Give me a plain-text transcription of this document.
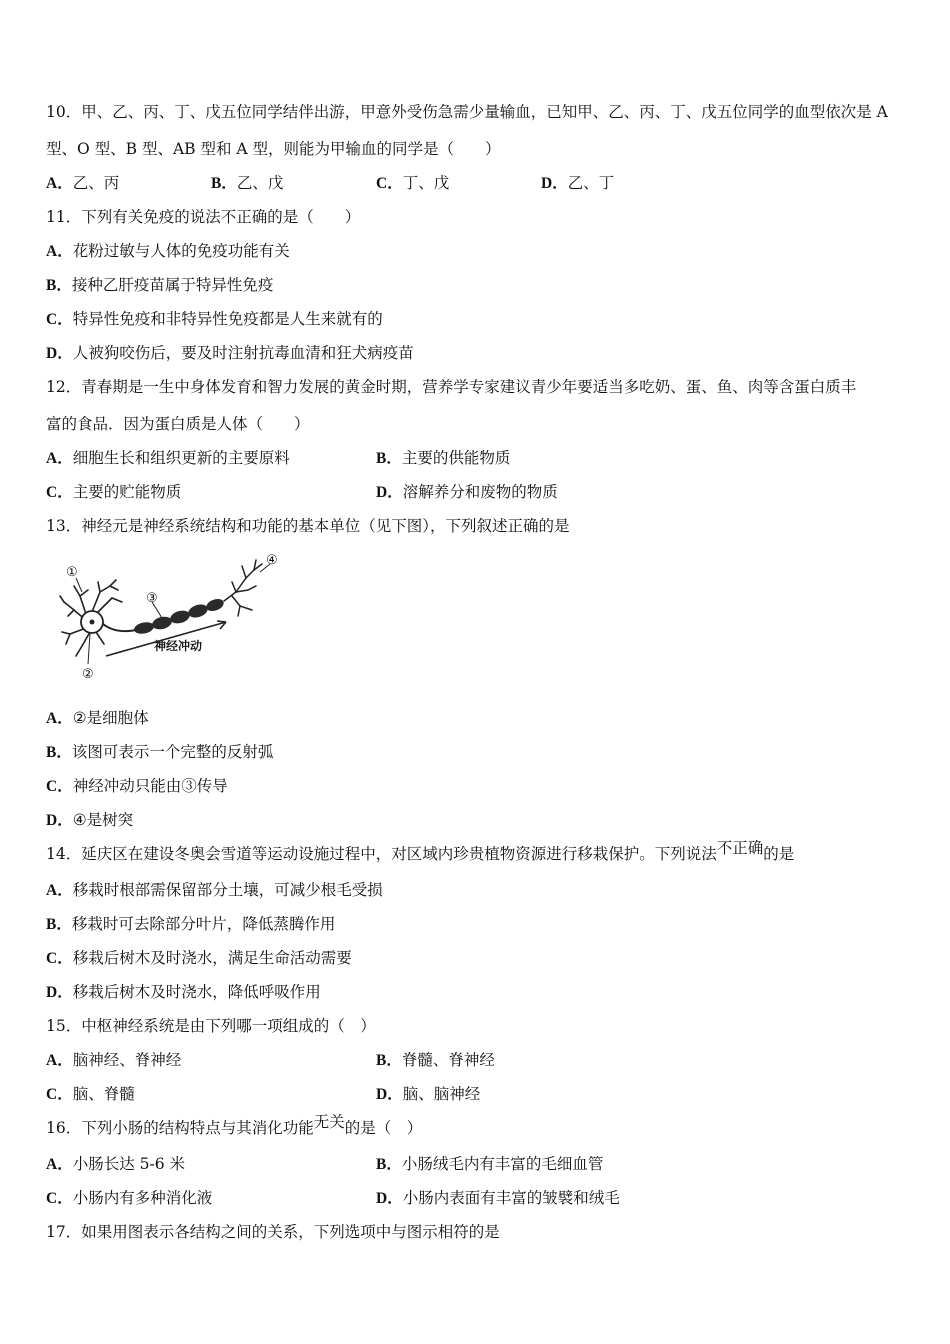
10．甲、乙、丙、丁、戊五位同学结伴出游，甲意外受伤急需少量输血，已知甲、乙、丙、丁、戊五位同学的血型依次是 A
型、O 型、B 型、AB 型和 A 型，则能为甲输血的同学是（　　）
A．乙、丙	B．乙、戊	C．丁、戊	D．乙、丁
11．下列有关免疫的说法不正确的是（　　）
A．花粉过敏与人体的免疫功能有关
B．接种乙肝疫苗属于特异性免疫
C．特异性免疫和非特异性免疫都是人生来就有的
D．人被狗咬伤后，要及时注射抗毒血清和狂犬病疫苗
12．青春期是一生中身体发育和智力发展的黄金时期，营养学专家建议青少年要适当多吃奶、蛋、鱼、肉等含蛋白质丰
富的食品．因为蛋白质是人体（　　）
A．细胞生长和组织更新的主要原料	B．主要的供能物质
C．主要的贮能物质	D．溶解养分和废物的物质
13．神经元是神经系统结构和功能的基本单位（见下图），下列叙述正确的是
①
②
③
④
神经冲动
A．②是细胞体
B．该图可表示一个完整的反射弧
C．神经冲动只能由③传导
D．④是树突
14．延庆区在建设冬奥会雪道等运动设施过程中，对区域内珍贵植物资源进行移栽保护。下列说法不正确的是
A．移栽时根部需保留部分土壤，可减少根毛受损
B．移栽时可去除部分叶片，降低蒸腾作用
C．移栽后树木及时浇水，满足生命活动需要
D．移栽后树木及时浇水，降低呼吸作用
15．中枢神经系统是由下列哪一项组成的（　）
A．脑神经、脊神经	B．脊髓、脊神经
C．脑、脊髓	D．脑、脑神经
16．下列小肠的结构特点与其消化功能无关的是（　）
A．小肠长达 5-6 米	B．小肠绒毛内有丰富的毛细血管
C．小肠内有多种消化液	D．小肠内表面有丰富的皱襞和绒毛
17．如果用图表示各结构之间的关系，下列选项中与图示相符的是
